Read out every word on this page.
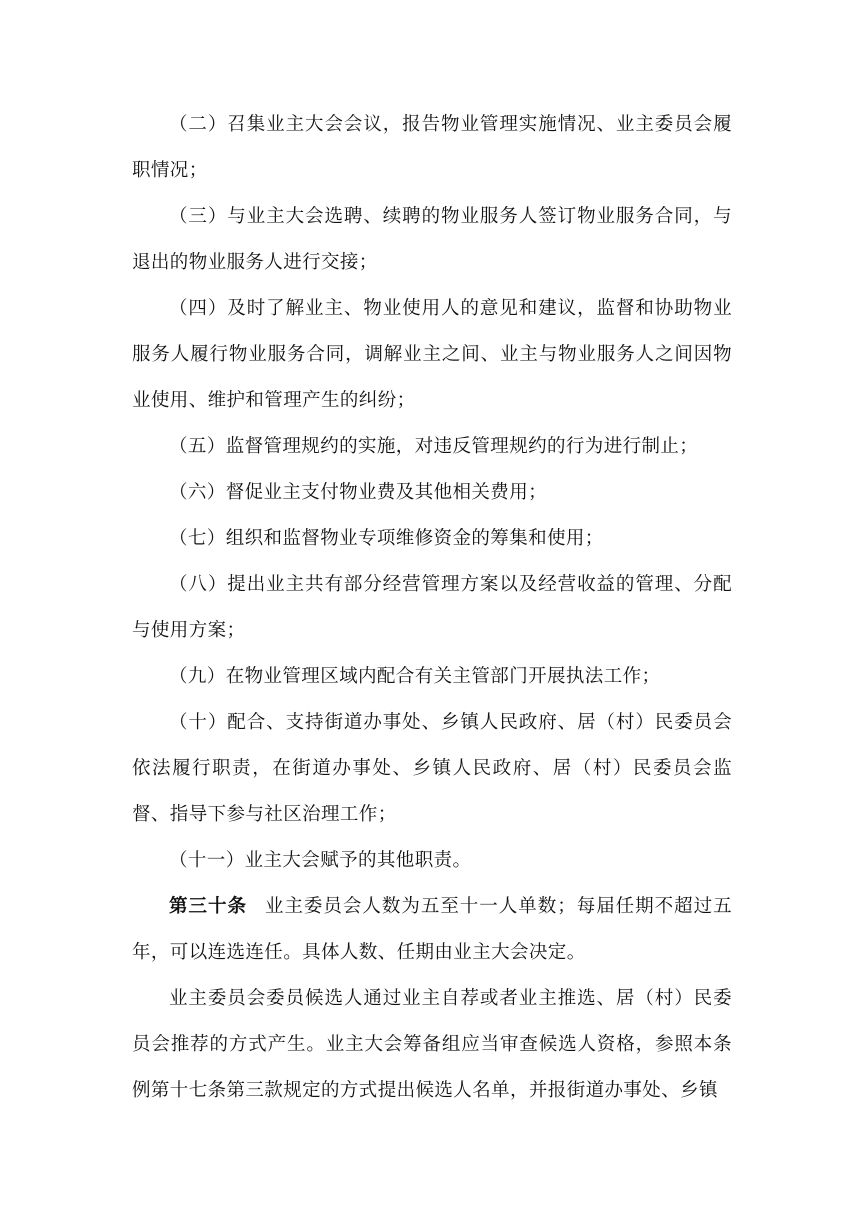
（二）召集业主大会会议，报告物业管理实施情况、业主委员会履职情况；

（三）与业主大会选聘、续聘的物业服务人签订物业服务合同，与退出的物业服务人进行交接；

（四）及时了解业主、物业使用人的意见和建议，监督和协助物业服务人履行物业服务合同，调解业主之间、业主与物业服务人之间因物业使用、维护和管理产生的纠纷；

（五）监督管理规约的实施，对违反管理规约的行为进行制止；

（六）督促业主支付物业费及其他相关费用；

（七）组织和监督物业专项维修资金的筹集和使用；

（八）提出业主共有部分经营管理方案以及经营收益的管理、分配与使用方案；

（九）在物业管理区域内配合有关主管部门开展执法工作；

（十）配合、支持街道办事处、乡镇人民政府、居（村）民委员会依法履行职责，在街道办事处、乡镇人民政府、居（村）民委员会监督、指导下参与社区治理工作；

（十一）业主大会赋予的其他职责。

第三十条 业主委员会人数为五至十一人单数；每届任期不超过五年，可以连选连任。具体人数、任期由业主大会决定。

业主委员会委员候选人通过业主自荐或者业主推选、居（村）民委员会推荐的方式产生。业主大会筹备组应当审查候选人资格，参照本条例第十七条第三款规定的方式提出候选人名单，并报街道办事处、乡镇
